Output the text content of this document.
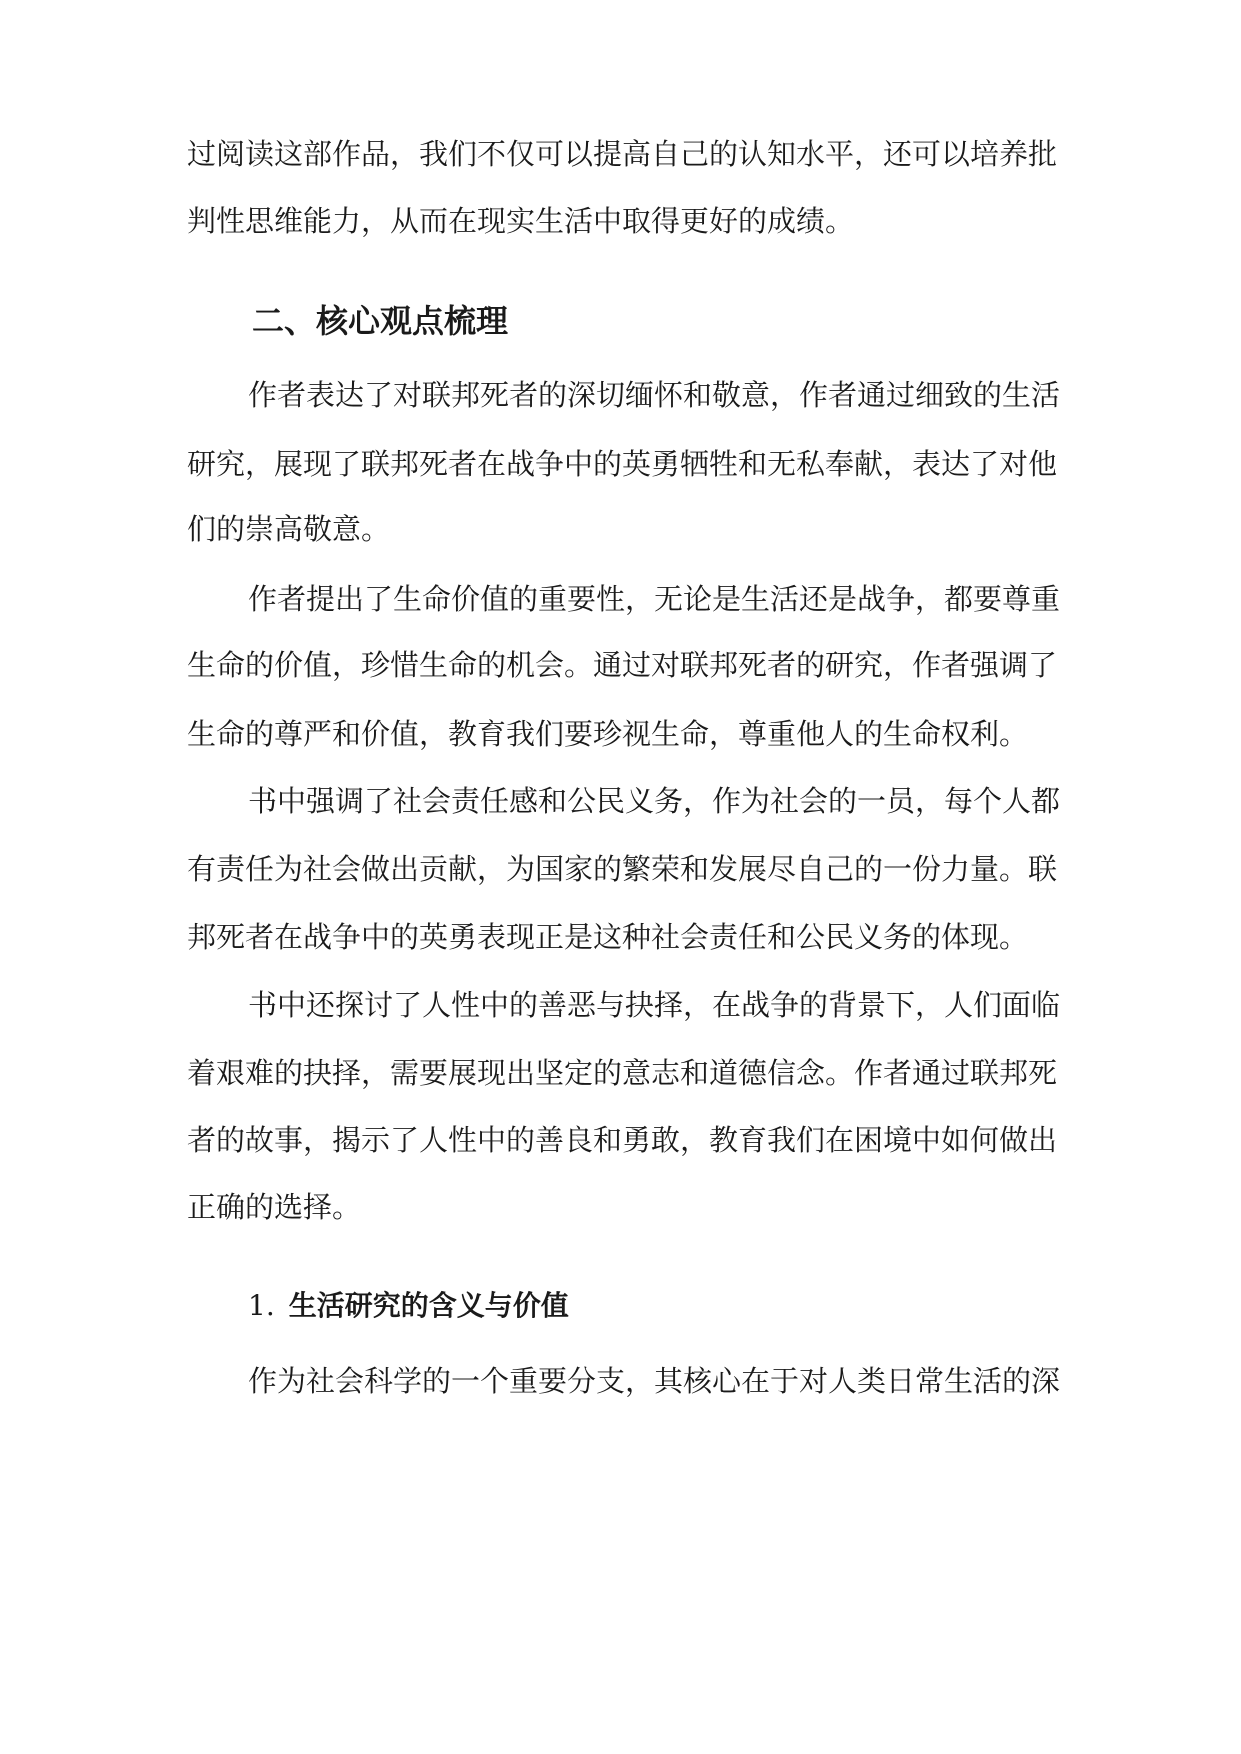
过阅读这部作品，我们不仅可以提高自己的认知水平，还可以培养批
判性思维能力，从而在现实生活中取得更好的成绩。
二、核心观点梳理
作者表达了对联邦死者的深切缅怀和敬意，作者通过细致的生活
研究，展现了联邦死者在战争中的英勇牺牲和无私奉献，表达了对他
们的崇高敬意。
作者提出了生命价值的重要性，无论是生活还是战争，都要尊重
生命的价值，珍惜生命的机会。通过对联邦死者的研究，作者强调了
生命的尊严和价值，教育我们要珍视生命，尊重他人的生命权利。
书中强调了社会责任感和公民义务，作为社会的一员，每个人都
有责任为社会做出贡献，为国家的繁荣和发展尽自己的一份力量。联
邦死者在战争中的英勇表现正是这种社会责任和公民义务的体现。
书中还探讨了人性中的善恶与抉择，在战争的背景下，人们面临
着艰难的抉择，需要展现出坚定的意志和道德信念。作者通过联邦死
者的故事，揭示了人性中的善良和勇敢，教育我们在困境中如何做出
正确的选择。
1. 生活研究的含义与价值
作为社会科学的一个重要分支，其核心在于对人类日常生活的深
